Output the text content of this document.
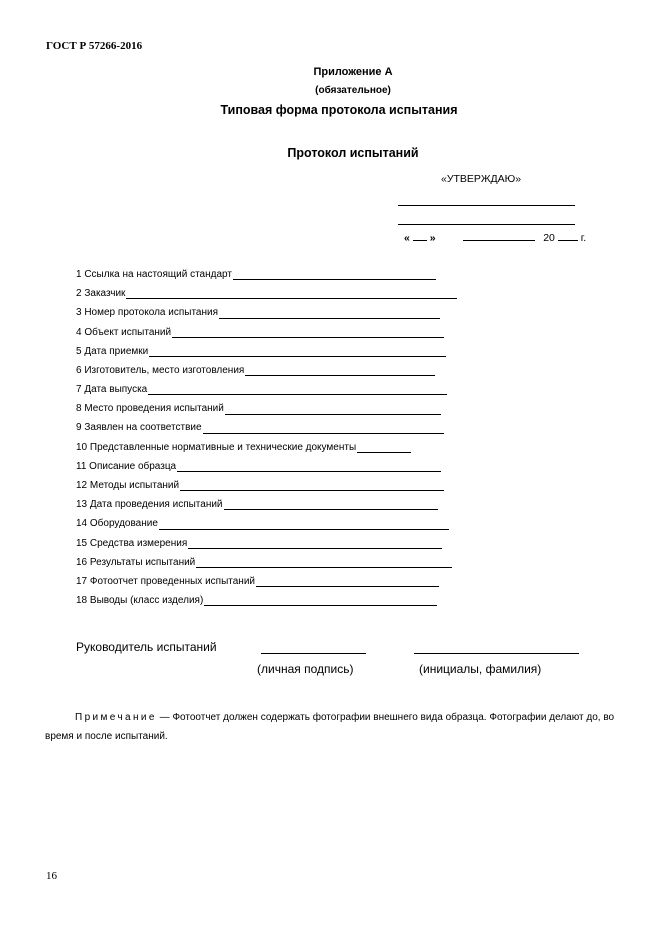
ГОСТ Р 57266-2016
Приложение А
(обязательное)
Типовая форма протокола испытания
Протокол испытаний
«УТВЕРЖДАЮ»
« »	20 г.
1 Ссылка на настоящий стандарт
2 Заказчик
3 Номер протокола испытания
4 Объект испытаний
5 Дата приемки
6 Изготовитель, место изготовления
7 Дата выпуска
8 Место проведения испытаний
9 Заявлен на соответствие
10 Представленные нормативные и технические документы
11 Описание образца
12 Методы испытаний
13 Дата проведения испытаний
14 Оборудование
15 Средства измерения
16 Результаты испытаний
17 Фотоотчет проведенных испытаний
18 Выводы (класс изделия)
Руководитель испытаний
(личная подпись)	(инициалы, фамилия)
Примечание — Фотоотчет должен содержать фотографии внешнего вида образца. Фотографии делают до, во время и после испытаний.
16
